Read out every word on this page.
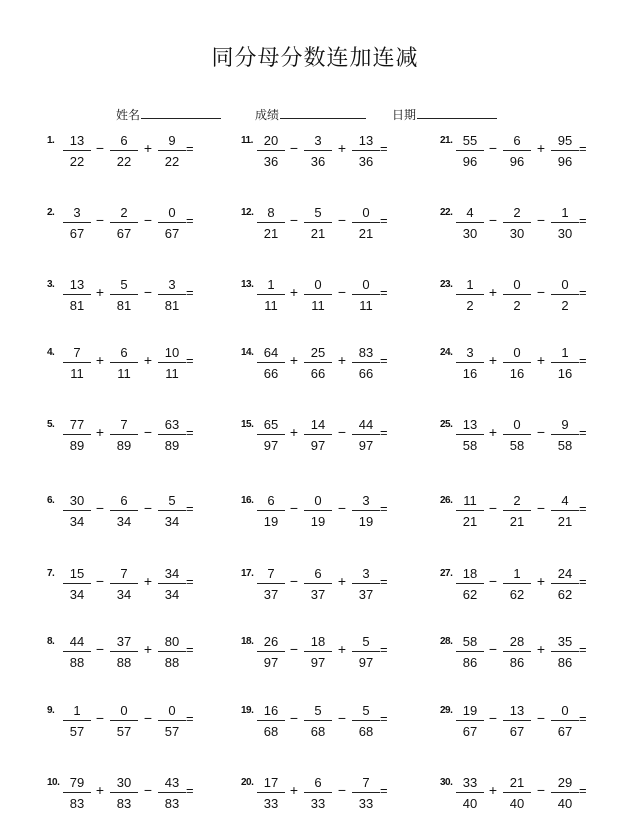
同分母分数连加连减
姓名	成绩	日期
1.	13
22
−	6
22
+	9
22
=
2.	3
67
−	2
67
−	0
67
=
3.	13
81
+	5
81
−	3
81
=
4.	7
11
+	6
11
+ 10
11
=
5.	77
89
+	7
89
− 63
89
=
6.	30
34
−	6
34
−	5
34
=
7.	15
34
−	7
34
+ 34
34
=
8.	44
88
− 37
88
+ 80
88
=
9.	1
57
−	0
57
−	0
57
=
10. 79
83
+ 30
83
− 43
83
=
11. 20
36
−	3
36
+ 13
36
=
12.	8
21
−	5
21
−	0
21
=
13.	1
11
+	0
11
−	0
11
=
14. 64
66
+ 25
66
+ 83
66
=
15. 65
97
+ 14
97
− 44
97
=
16.	6
19
−	0
19
−	3
19
=
17.	7
37
−	6
37
+	3
37
=
18. 26
97
− 18
97
+	5
97
=
19. 16
68
−	5
68
−	5
68
=
20. 17
33
+	6
33
−	7
33
=
21. 55
96
−	6
96
+ 95
96
=
22.	4
30
−	2
30
−	1
30
=
23.	1
2
+	0
2
−	0
2
=
24.	3
16
+	0
16
+	1
16
=
25. 13
58
+	0
58
−	9
58
=
26. 11
21
−	2
21
−	4
21
=
27. 18
62
−	1
62
+ 24
62
=
28. 58
86
− 28
86
+ 35
86
=
29. 19
67
− 13
67
−	0
67
=
30. 33
40
+ 21
40
− 29
40
=
